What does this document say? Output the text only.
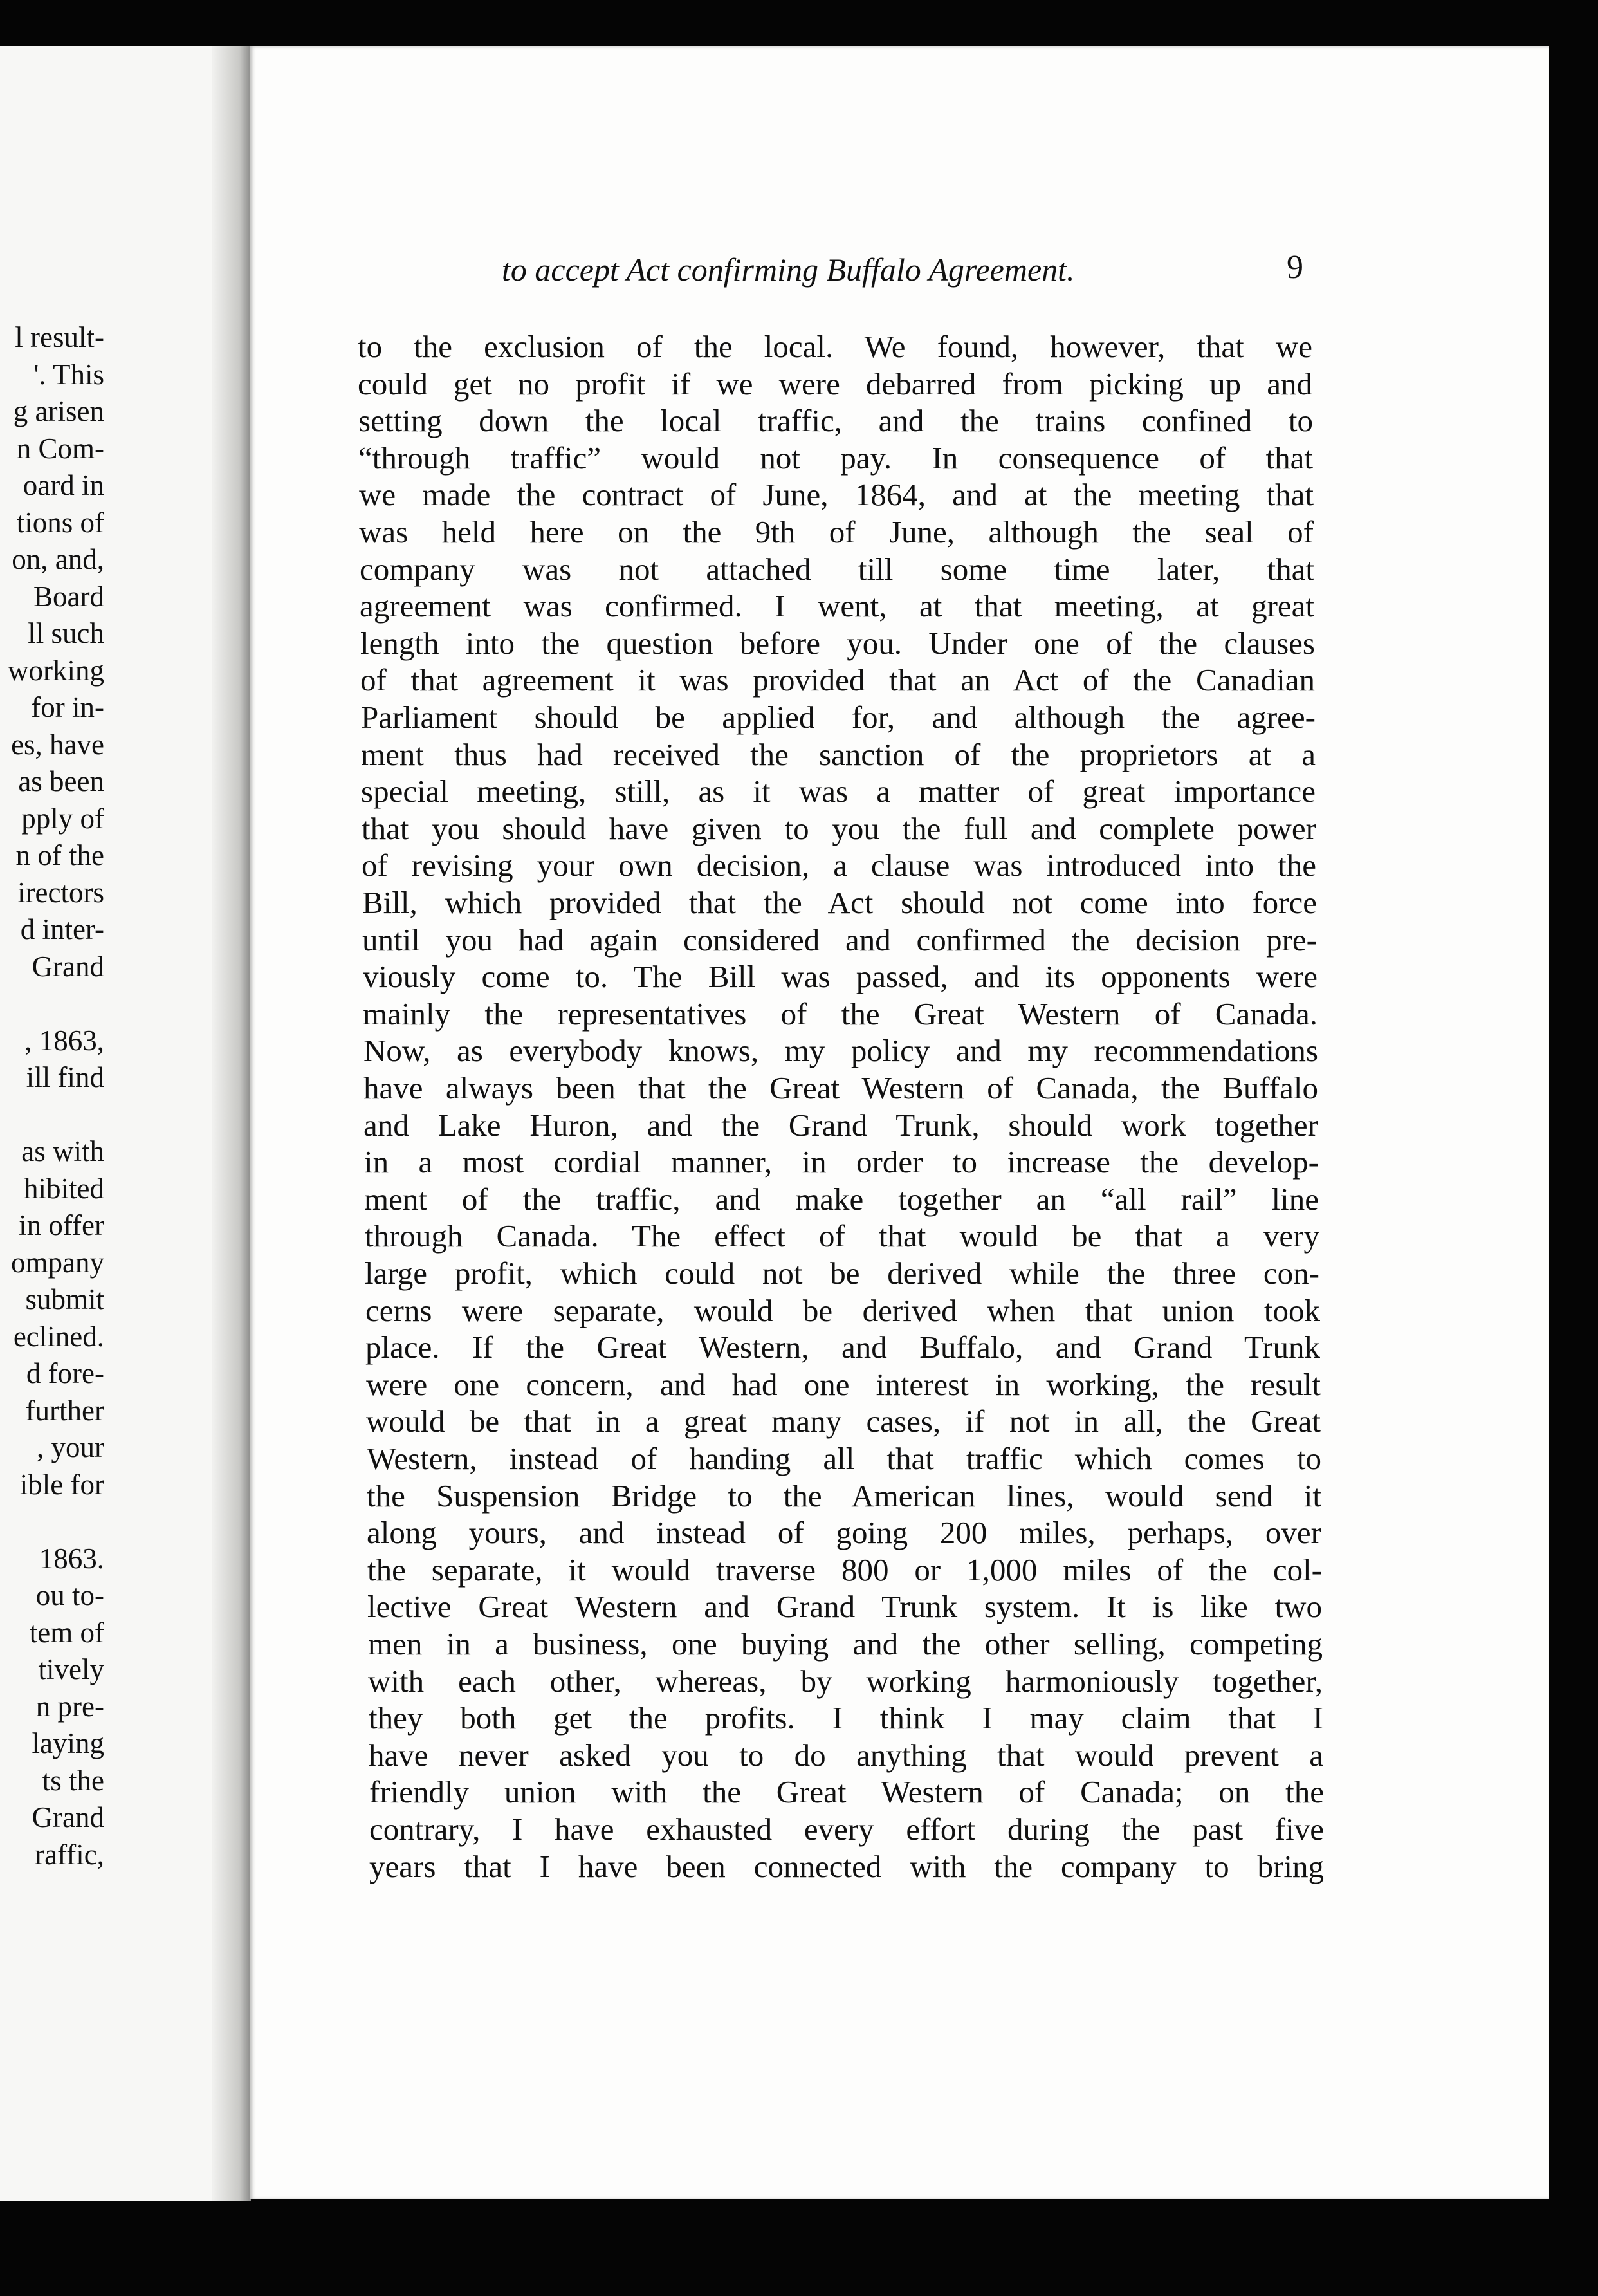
l result-
'. This
g arisen
n Com-
oard in
tions of
on, and,
Board
ll such
working
for in-
es, have
as been
pply of
n of the
irectors
d inter-
Grand
, 1863,
ill find
as with
hibited
in offer
ompany
submit
eclined.
d fore-
further
, your
ible for
1863.
ou to-
tem of
tively
n pre-
laying
ts the
Grand
raffic,
to accept Act confirming Buffalo Agreement.	9
to the exclusion of the local. We found, however, that we
could get no profit if we were debarred from picking up and
setting down the local traffic, and the trains confined to
“through traffic” would not pay. In consequence of that
we made the contract of June, 1864, and at the meeting that
was held here on the 9th of June, although the seal of
company was not attached till some time later, that
agreement was confirmed. I went, at that meeting, at great
length into the question before you. Under one of the clauses
of that agreement it was provided that an Act of the Canadian
Parliament should be applied for, and although the agree-
ment thus had received the sanction of the proprietors at a
special meeting, still, as it was a matter of great importance
that you should have given to you the full and complete power
of revising your own decision, a clause was introduced into the
Bill, which provided that the Act should not come into force
until you had again considered and confirmed the decision pre-
viously come to. The Bill was passed, and its opponents were
mainly the representatives of the Great Western of Canada.
Now, as everybody knows, my policy and my recommendations
have always been that the Great Western of Canada, the Buffalo
and Lake Huron, and the Grand Trunk, should work together
in a most cordial manner, in order to increase the develop-
ment of the traffic, and make together an “all rail” line
through Canada. The effect of that would be that a very
large profit, which could not be derived while the three con-
cerns were separate, would be derived when that union took
place. If the Great Western, and Buffalo, and Grand Trunk
were one concern, and had one interest in working, the result
would be that in a great many cases, if not in all, the Great
Western, instead of handing all that traffic which comes to
the Suspension Bridge to the American lines, would send it
along yours, and instead of going 200 miles, perhaps, over
the separate, it would traverse 800 or 1,000 miles of the col-
lective Great Western and Grand Trunk system. It is like two
men in a business, one buying and the other selling, competing
with each other, whereas, by working harmoniously together,
they both get the profits. I think I may claim that I
have never asked you to do anything that would prevent a
friendly union with the Great Western of Canada; on the
contrary, I have exhausted every effort during the past five
years that I have been connected with the company to bring
